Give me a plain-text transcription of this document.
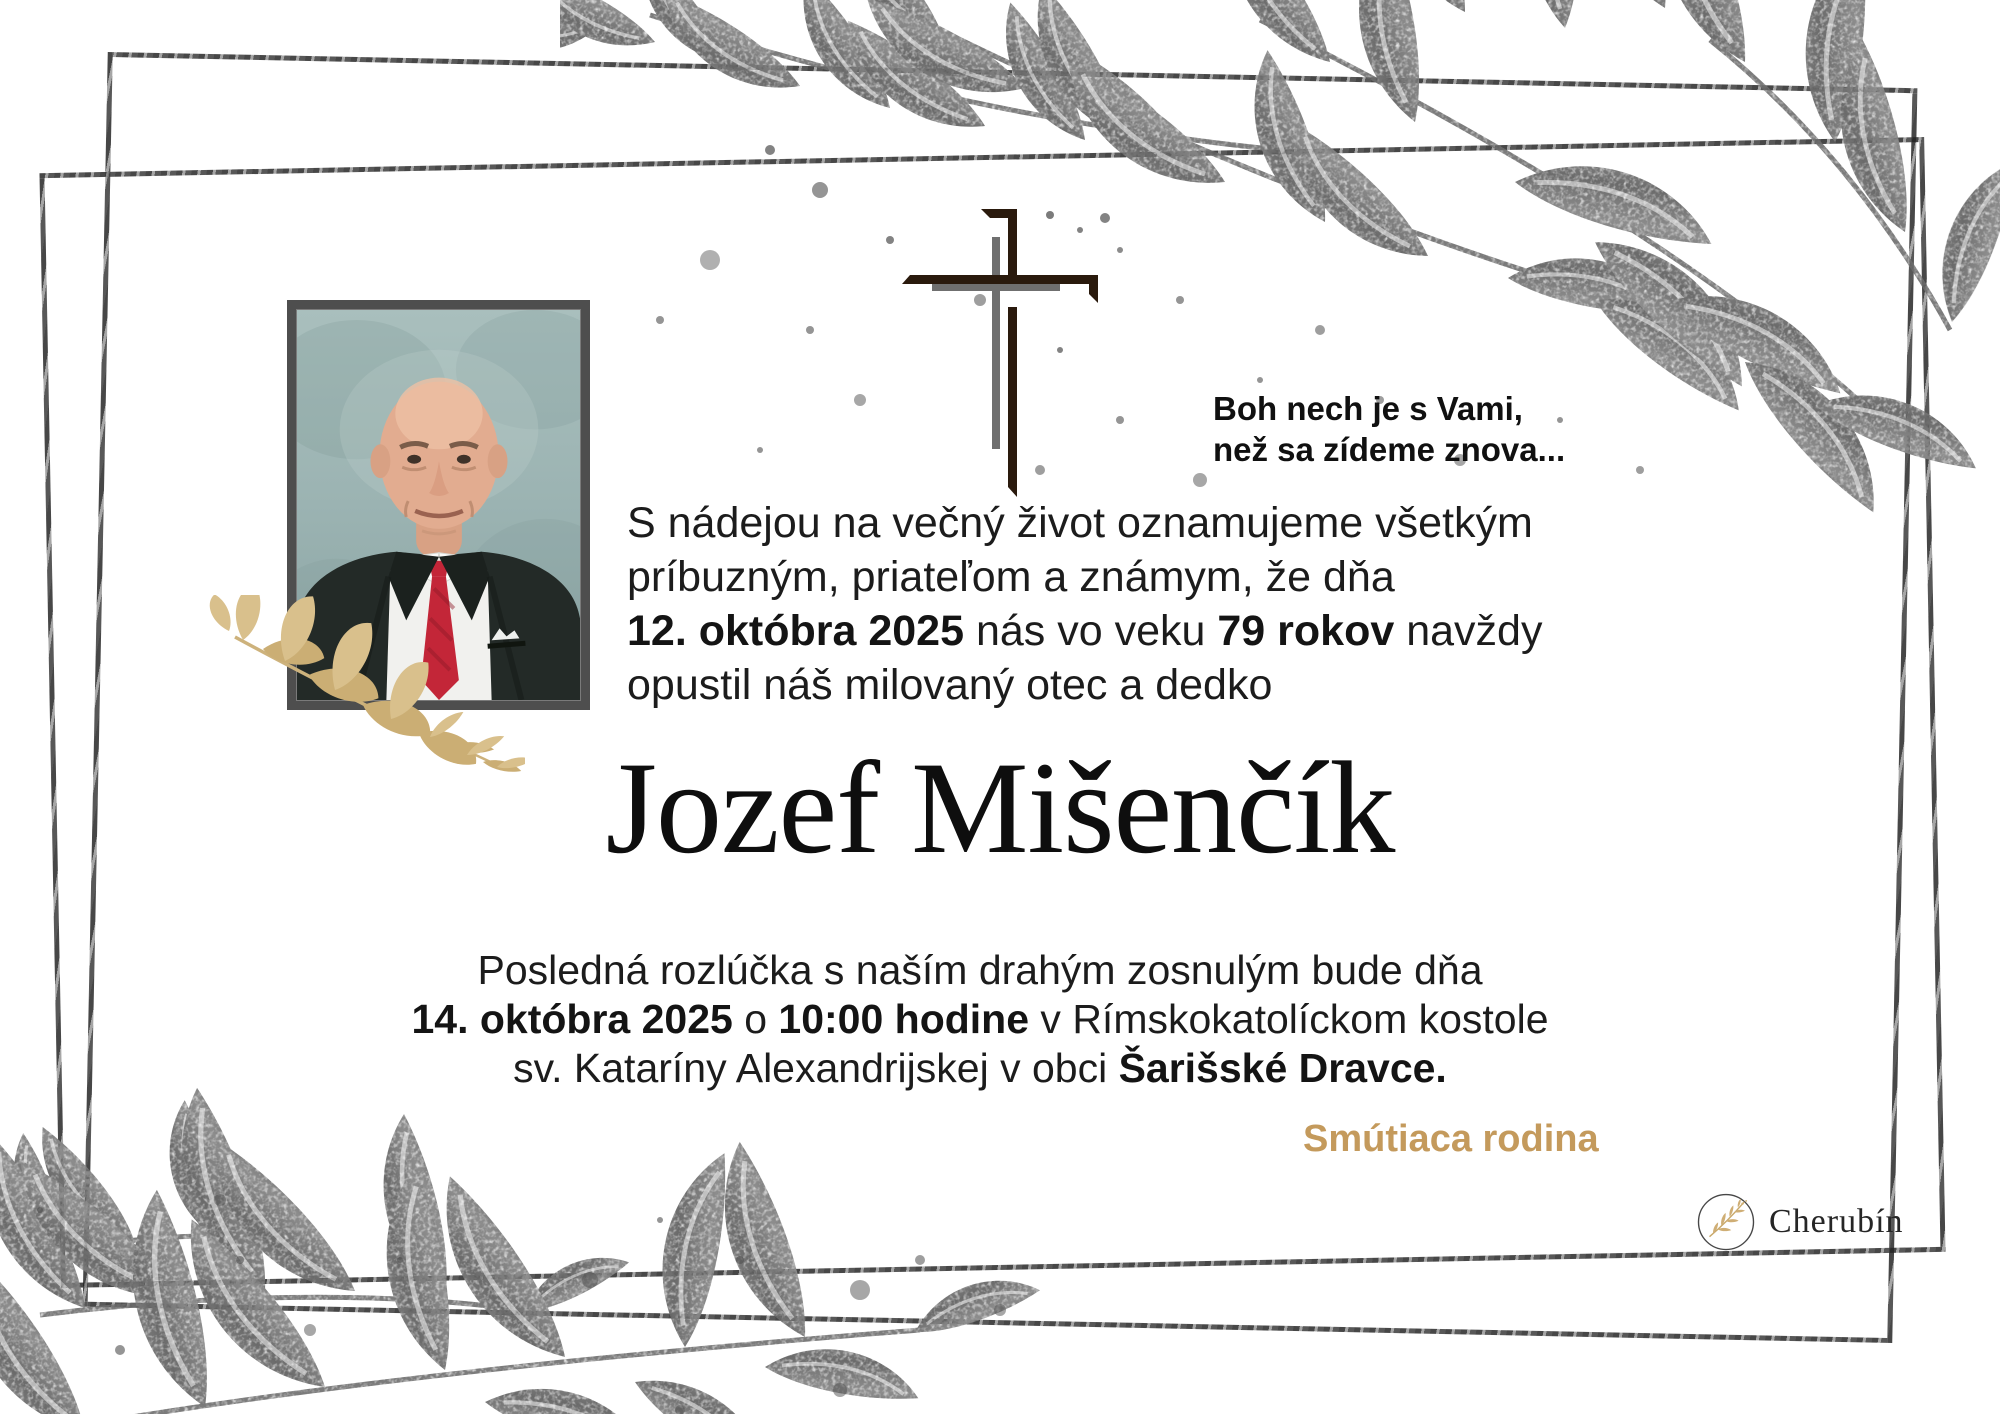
Boh nech je s Vami,

než sa zídeme znova...

S nádejou na večný život oznamujeme všetkým

príbuzným, priateľom a známym, že dňa

12. októbra 2025 nás vo veku 79 rokov navždy

opustil náš milovaný otec a dedko

Jozef Mišenčík

Posledná rozlúčka s naším drahým zosnulým bude dňa

14. októbra 2025 o 10:00 hodine v Rímskokatolíckom kostole

sv. Kataríny Alexandrijskej v obci Šarišské Dravce.

Smútiaca rodina
Cherubín
